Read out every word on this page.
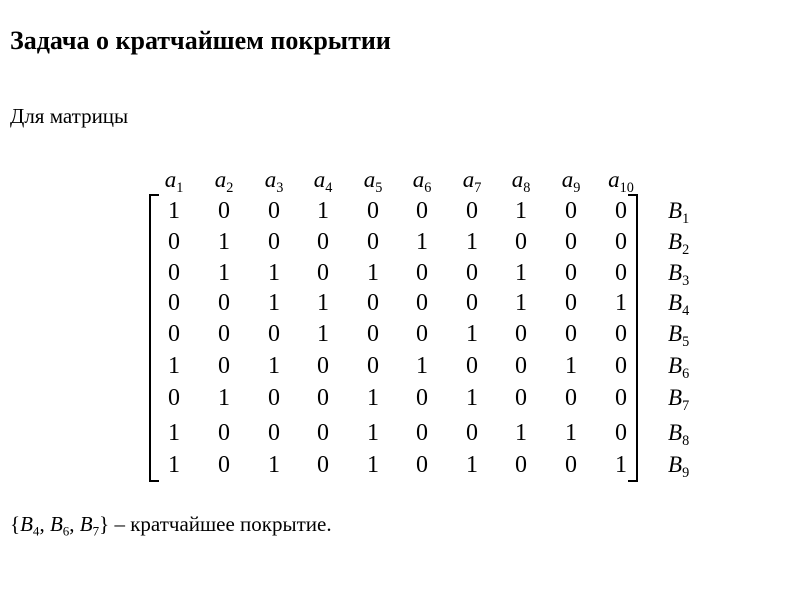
Задача о кратчайшем покрытии
Для матрицы
$a_1$ $a_2$ $a_3$ $a_4$ $a_5$ $a_6$ $a_7$ $a_8$ $a_9$ $a_{10}$
1 0 0 1 0 0 0 1 0 0 $B_1$
0 1 0 0 0 1 1 0 0 0 $B_2$
0 1 1 0 1 0 0 1 0 0 $B_3$
0 0 1 1 0 0 0 1 0 1 $B_4$
0 0 0 1 0 0 1 0 0 0 $B_5$
1 0 1 0 0 1 0 0 1 0 $B_6$
0 1 0 0 1 0 1 0 0 0 $B_7$
1 0 0 0 1 0 0 1 1 0 $B_8$
1 0 1 0 1 0 1 0 0 1 $B_9$
{$B_4$, $B_6$, $B_7$} – кратчайшее покрытие.
